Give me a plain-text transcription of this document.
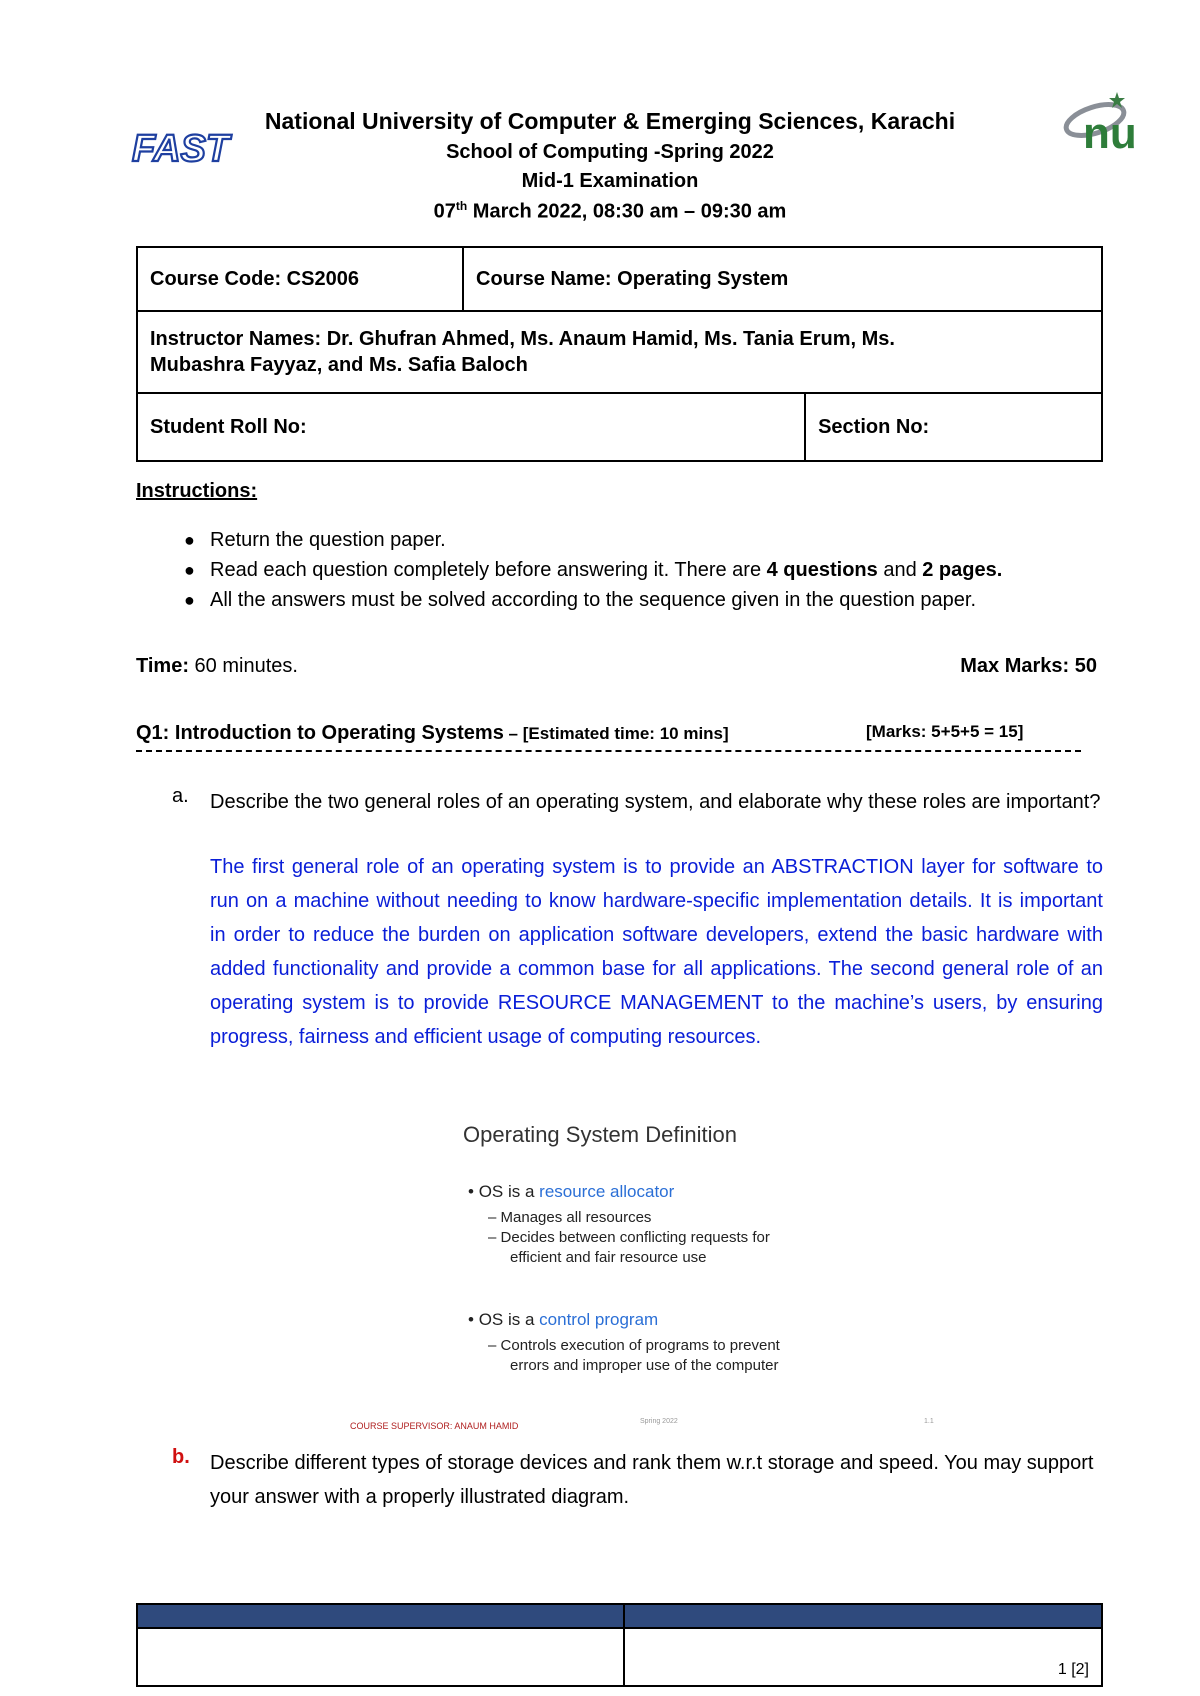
FAST	nu
National University of Computer & Emerging Sciences, Karachi
School of Computing -Spring 2022
Mid-1 Examination
07th March 2022, 08:30 am – 09:30 am
Course Code: CS2006	Course Name: Operating System	

Instructor Names: Dr. Ghufran Ahmed, Ms. Anaum Hamid, Ms. Tania Erum, Ms.
Mubashra Fayyaz, and Ms. Safia Baloch		

Student Roll No:		Section No:
Instructions:
● Return the question paper.
● Read each question completely before answering it. There are 4 questions and 2 pages.
● All the answers must be solved according to the sequence given in the question paper.
Time: 60 minutes.	Max Marks: 50
Q1: Introduction to Operating Systems – [Estimated time: 10 mins]	[Marks: 5+5+5 = 15]
a. Describe the two general roles of an operating system, and elaborate why these roles are important?
The first general role of an operating system is to provide an ABSTRACTION layer for software to run on a machine without needing to know hardware-specific implementation details. It is important in order to reduce the burden on application software developers, extend the basic hardware with added functionality and provide a common base for all applications. The second general role of an operating system is to provide RESOURCE MANAGEMENT to the machine’s users, by ensuring progress, fairness and efficient usage of computing resources.
Operating System Definition
• OS is a resource allocator
– Manages all resources
– Decides between conflicting requests for
efficient and fair resource use
• OS is a control program
– Controls execution of programs to prevent
errors and improper use of the computer
COURSE SUPERVISOR: ANAUM HAMID	Spring 2022	1.1
b. Describe different types of storage devices and rank them w.r.t storage and speed. You may support your answer with a properly illustrated diagram.

	1 [2]
